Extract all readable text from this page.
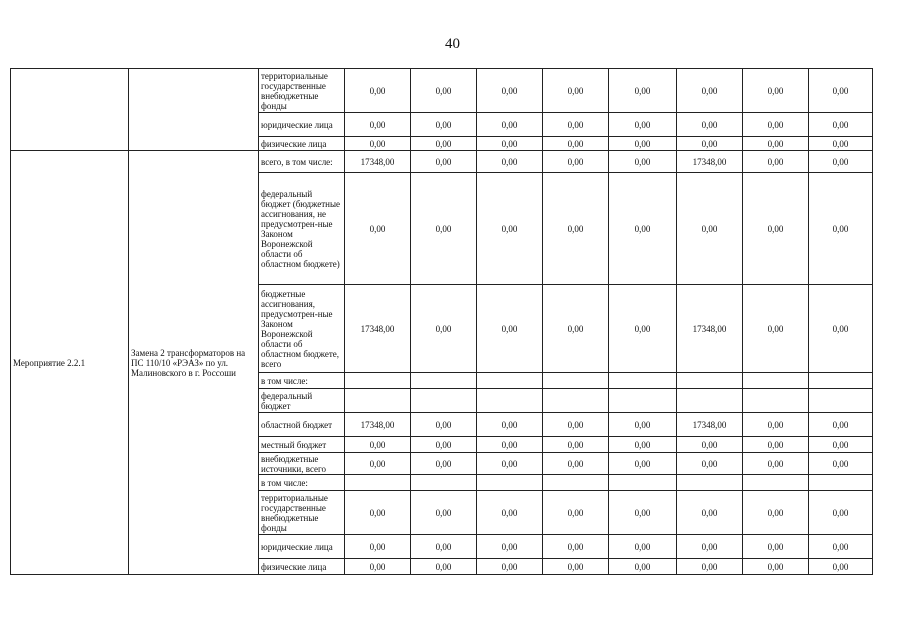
40
		территориальные государственные внебюджетные фонды	0,00	0,00	0,00	0,00	0,00	0,00	0,00	0,00
		юридические лица	0,00	0,00	0,00	0,00	0,00	0,00	0,00	0,00
		физические лица	0,00	0,00	0,00	0,00	0,00	0,00	0,00	0,00
Мероприятие 2.2.1	Замена 2 трансформаторов на ПС 110/10 «РЭАЗ» по ул. Малиновского в г. Россоши	всего, в том числе:	17348,00	0,00	0,00	0,00	0,00	17348,00	0,00	0,00
		федеральный бюджет (бюджетные ассигнования, не предусмотрен-ные Законом Воронежской области об областном бюджете)	0,00	0,00	0,00	0,00	0,00	0,00	0,00	0,00
		бюджетные ассигнования, предусмотрен-ные Законом Воронежской области об областном бюджете, всего	17348,00	0,00	0,00	0,00	0,00	17348,00	0,00	0,00
		в том числе:								
		федеральный бюджет								
		областной бюджет	17348,00	0,00	0,00	0,00	0,00	17348,00	0,00	0,00
		местный бюджет	0,00	0,00	0,00	0,00	0,00	0,00	0,00	0,00
		внебюджетные источники, всего	0,00	0,00	0,00	0,00	0,00	0,00	0,00	0,00
		в том числе:								
		территориальные государственные внебюджетные фонды	0,00	0,00	0,00	0,00	0,00	0,00	0,00	0,00
		юридические лица	0,00	0,00	0,00	0,00	0,00	0,00	0,00	0,00
		физические лица	0,00	0,00	0,00	0,00	0,00	0,00	0,00	0,00
